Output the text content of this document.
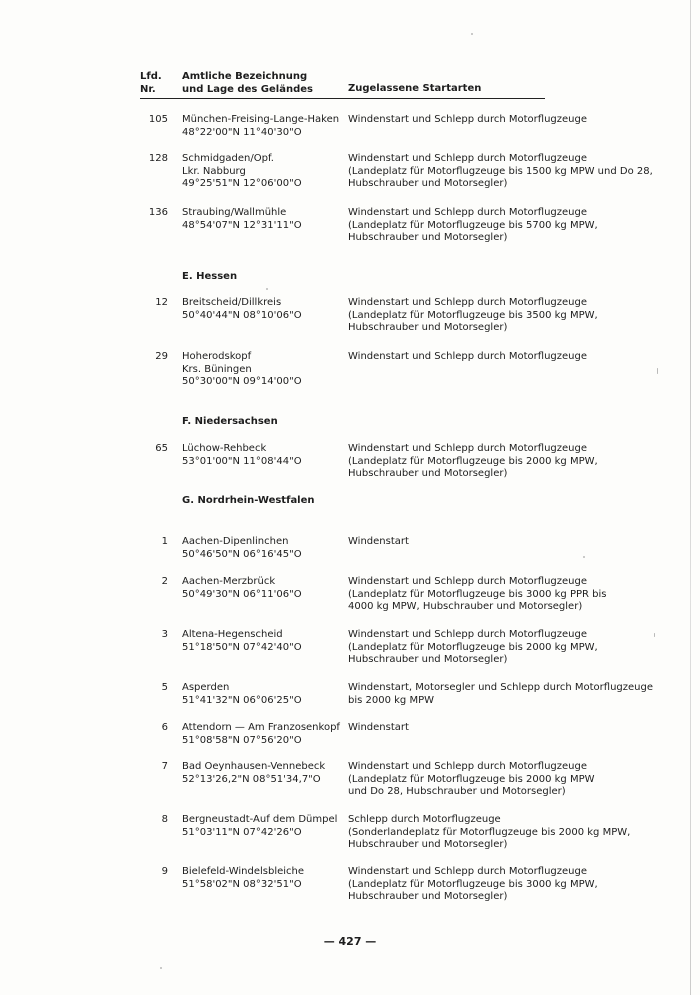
Lfd.
Nr.
Amtliche Bezeichnung
und Lage des Geländes	Zugelassene Startarten
105 München-Freising-Lange-Haken
48°22'00"N 11°40'30"O
Windenstart und Schlepp durch Motorflugzeuge
128 Schmidgaden/Opf.
Lkr. Nabburg
49°25'51"N 12°06'00"O
Windenstart und Schlepp durch Motorflugzeuge
(Landeplatz für Motorflugzeuge bis 1500 kg MPW und Do 28,
Hubschrauber und Motorsegler)
136 Straubing/Wallmühle
48°54'07"N 12°31'11"O
Windenstart und Schlepp durch Motorflugzeuge
(Landeplatz für Motorflugzeuge bis 5700 kg MPW,
Hubschrauber und Motorsegler)
E. Hessen
12 Breitscheid/Dillkreis
50°40'44"N 08°10'06"O
Windenstart und Schlepp durch Motorflugzeuge
(Landeplatz für Motorflugzeuge bis 3500 kg MPW,
Hubschrauber und Motorsegler)
29 Hoherodskopf
Krs. Büningen
50°30'00"N 09°14'00"O
Windenstart und Schlepp durch Motorflugzeuge
F. Niedersachsen
65 Lüchow-Rehbeck
53°01'00"N 11°08'44"O
Windenstart und Schlepp durch Motorflugzeuge
(Landeplatz für Motorflugzeuge bis 2000 kg MPW,
Hubschrauber und Motorsegler)
G. Nordrhein-Westfalen
1 Aachen-Dipenlinchen
50°46'50"N 06°16'45"O
Windenstart
2 Aachen-Merzbrück
50°49'30"N 06°11'06"O
Windenstart und Schlepp durch Motorflugzeuge
(Landeplatz für Motorflugzeuge bis 3000 kg PPR bis
4000 kg MPW, Hubschrauber und Motorsegler)
3 Altena-Hegenscheid
51°18'50"N 07°42'40"O
Windenstart und Schlepp durch Motorflugzeuge
(Landeplatz für Motorflugzeuge bis 2000 kg MPW,
Hubschrauber und Motorsegler)
5 Asperden
51°41'32"N 06°06'25"O
Windenstart, Motorsegler und Schlepp durch Motorflugzeuge
bis 2000 kg MPW
6 Attendorn — Am Franzosenkopf
51°08'58"N 07°56'20"O
Windenstart
7 Bad Oeynhausen-Vennebeck
52°13'26,2"N 08°51'34,7"O
Windenstart und Schlepp durch Motorflugzeuge
(Landeplatz für Motorflugzeuge bis 2000 kg MPW
und Do 28, Hubschrauber und Motorsegler)
8 Bergneustadt-Auf dem Dümpel
51°03'11"N 07°42'26"O
Schlepp durch Motorflugzeuge
(Sonderlandeplatz für Motorflugzeuge bis 2000 kg MPW,
Hubschrauber und Motorsegler)
9 Bielefeld-Windelsbleiche
51°58'02"N 08°32'51"O
Windenstart und Schlepp durch Motorflugzeuge
(Landeplatz für Motorflugzeuge bis 3000 kg MPW,
Hubschrauber und Motorsegler)
— 427 —
